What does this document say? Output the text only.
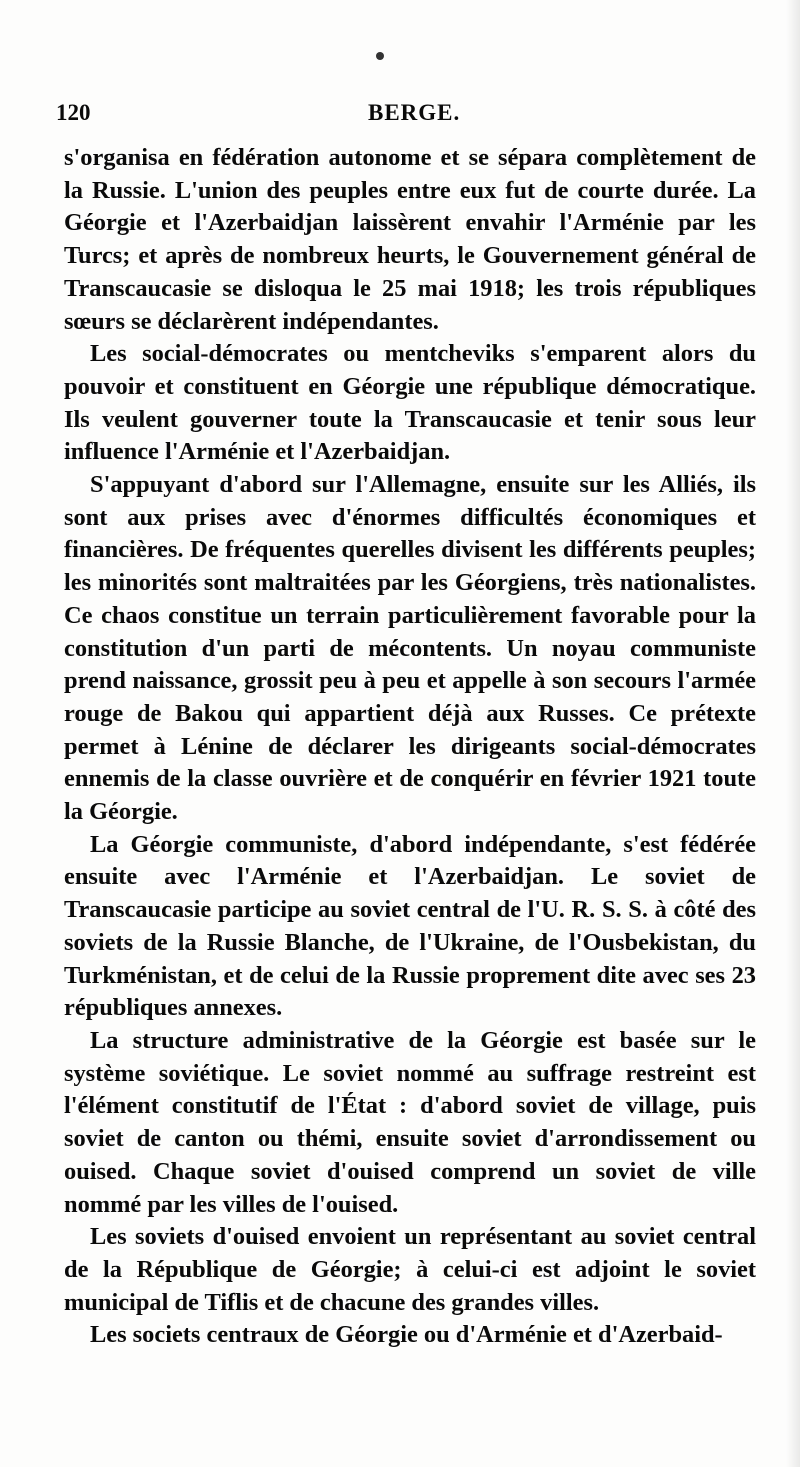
120	BERGE.

s'organisa en fédération autonome et se sépara complètement de la Russie. L'union des peuples entre eux fut de courte durée. La Géorgie et l'Azerbaidjan laissèrent envahir l'Arménie par les Turcs; et après de nombreux heurts, le Gouvernement général de Transcaucasie se disloqua le 25 mai 1918; les trois républiques sœurs se déclarèrent indépendantes.

Les social-démocrates ou mentcheviks s'emparent alors du pouvoir et constituent en Géorgie une république démocratique. Ils veulent gouverner toute la Transcaucasie et tenir sous leur influence l'Arménie et l'Azerbaidjan.

S'appuyant d'abord sur l'Allemagne, ensuite sur les Alliés, ils sont aux prises avec d'énormes difficultés économiques et financières. De fréquentes querelles divisent les différents peuples; les minorités sont maltraitées par les Géorgiens, très nationalistes. Ce chaos constitue un terrain particulièrement favorable pour la constitution d'un parti de mécontents. Un noyau communiste prend naissance, grossit peu à peu et appelle à son secours l'armée rouge de Bakou qui appartient déjà aux Russes. Ce prétexte permet à Lénine de déclarer les dirigeants social-démocrates ennemis de la classe ouvrière et de conquérir en février 1921 toute la Géorgie.

La Géorgie communiste, d'abord indépendante, s'est fédérée ensuite avec l'Arménie et l'Azerbaidjan. Le soviet de Transcaucasie participe au soviet central de l'U. R. S. S. à côté des soviets de la Russie Blanche, de l'Ukraine, de l'Ousbekistan, du Turkménistan, et de celui de la Russie proprement dite avec ses 23 républiques annexes.

La structure administrative de la Géorgie est basée sur le système soviétique. Le soviet nommé au suffrage restreint est l'élément constitutif de l'État : d'abord soviet de village, puis soviet de canton ou thémi, ensuite soviet d'arrondissement ou ouised. Chaque soviet d'ouised comprend un soviet de ville nommé par les villes de l'ouised.

Les soviets d'ouised envoient un représentant au soviet central de la République de Géorgie; à celui-ci est adjoint le soviet municipal de Tiflis et de chacune des grandes villes.

Les societs centraux de Géorgie ou d'Arménie et d'Azerbaid-
